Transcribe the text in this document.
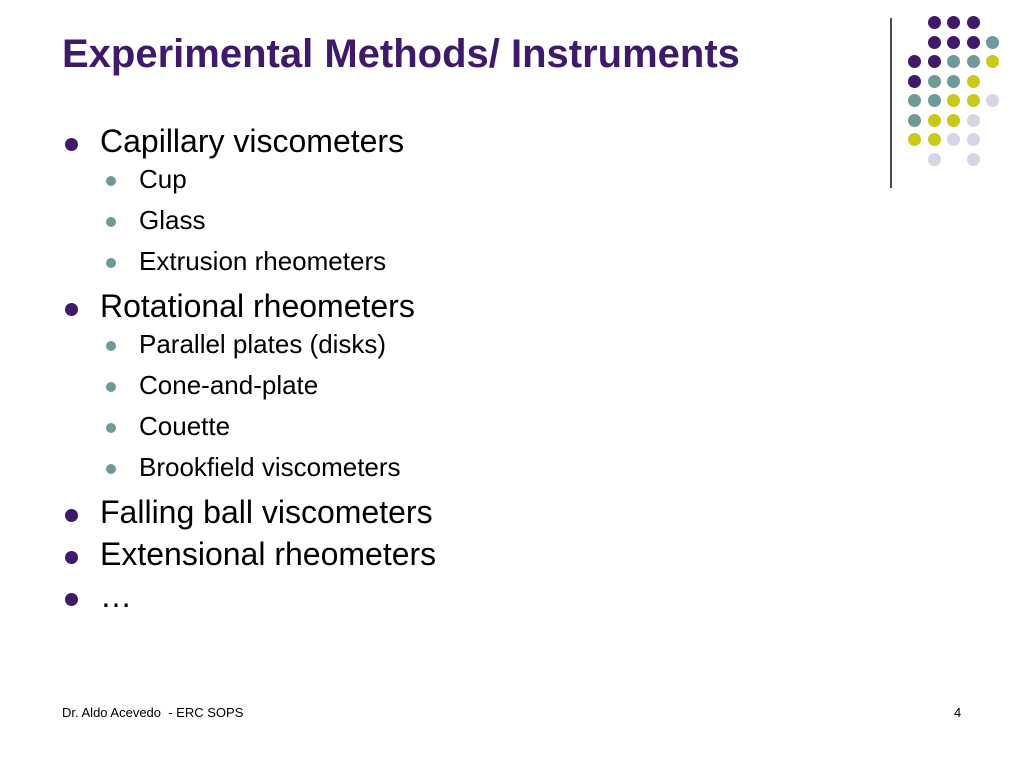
Experimental Methods/ Instruments
Capillary viscometers
Cup
Glass
Extrusion rheometers
Rotational rheometers
Parallel plates (disks)
Cone-and-plate
Couette
Brookfield viscometers
Falling ball viscometers
Extensional rheometers
…
Dr. Aldo Acevedo  - ERC SOPS	4
